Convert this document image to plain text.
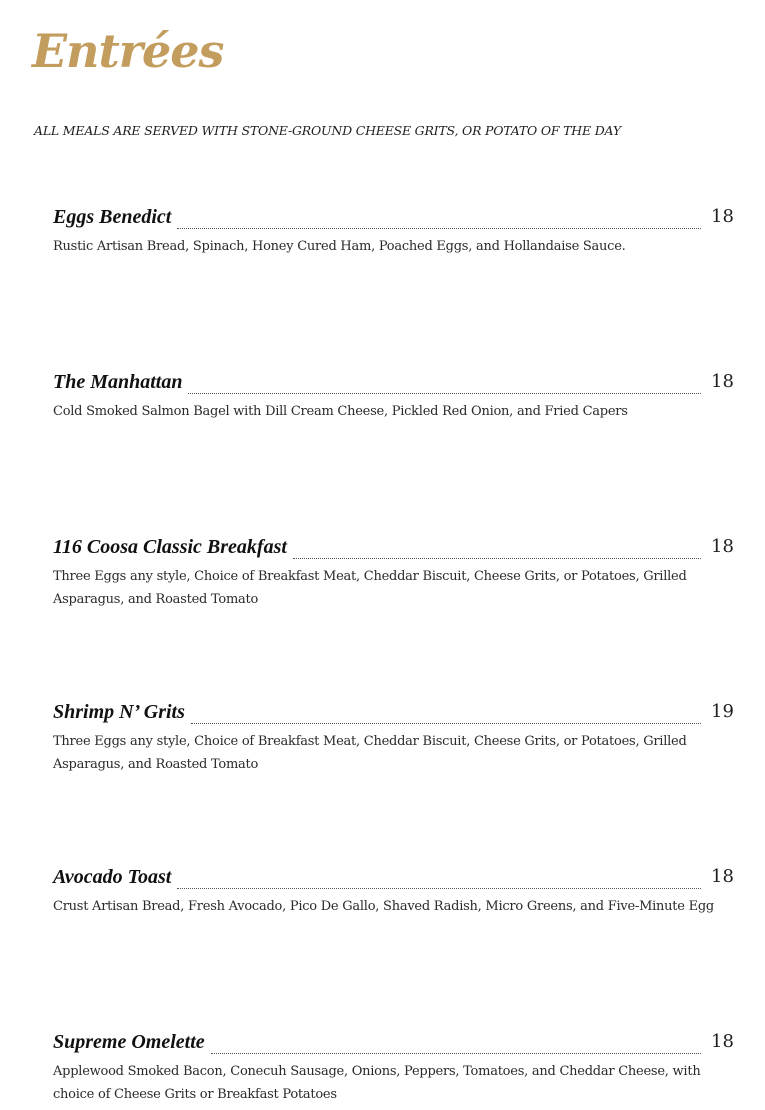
Entrées

ALL MEALS ARE SERVED WITH STONE-GROUND CHEESE GRITS, OR POTATO OF THE DAY

Eggs Benedict	18

Rustic Artisan Bread, Spinach, Honey Cured Ham, Poached Eggs, and Hollandaise Sauce.

The Manhattan	18

Cold Smoked Salmon Bagel with Dill Cream Cheese, Pickled Red Onion, and Fried Capers

116 Coosa Classic Breakfast	18

Three Eggs any style, Choice of Breakfast Meat, Cheddar Biscuit, Cheese Grits, or Potatoes, Grilled Asparagus, and Roasted Tomato

Shrimp N’ Grits	19

Three Eggs any style, Choice of Breakfast Meat, Cheddar Biscuit, Cheese Grits, or Potatoes, Grilled Asparagus, and Roasted Tomato

Avocado Toast	18

Crust Artisan Bread, Fresh Avocado, Pico De Gallo, Shaved Radish, Micro Greens, and Five-Minute Egg

Supreme Omelette	18

Applewood Smoked Bacon, Conecuh Sausage, Onions, Peppers, Tomatoes, and Cheddar Cheese, with choice of Cheese Grits or Breakfast Potatoes
